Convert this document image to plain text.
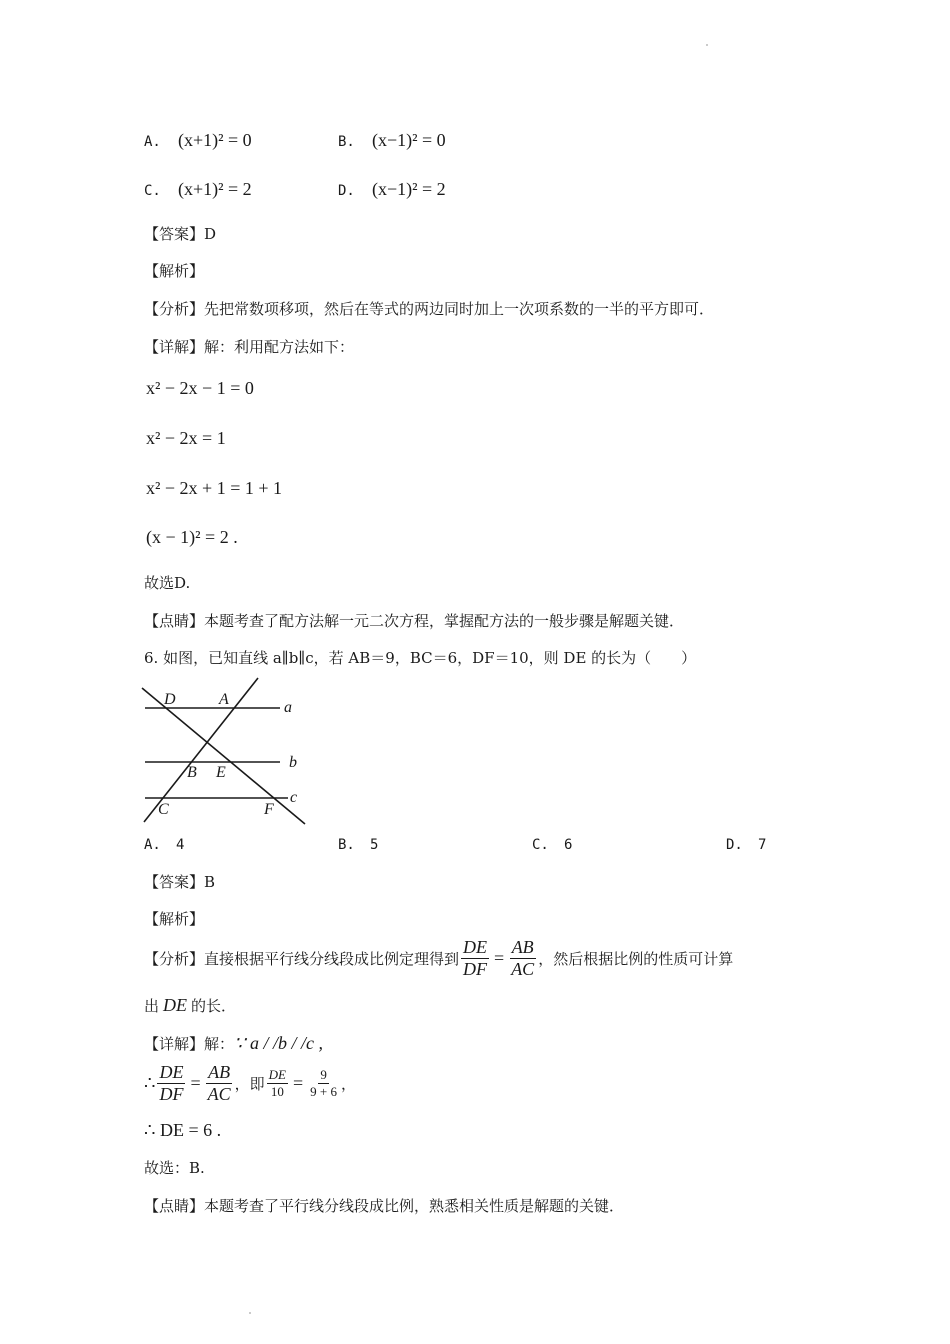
A. (x+1)² = 0	B. (x−1)² = 0
C. (x+1)² = 2	D. (x−1)² = 2
【答案】D
【解析】
【分析】先把常数项移项，然后在等式的两边同时加上一次项系数的一半的平方即可．
【详解】解：利用配方法如下：
x² − 2x − 1 = 0
x² − 2x = 1
x² − 2x + 1 = 1 + 1
(x − 1)² = 2 .
故选D.
【点睛】本题考查了配方法解一元二次方程，掌握配方法的一般步骤是解题关键．
6. 如图，已知直线 a∥b∥c，若 AB＝9，BC＝6，DF＝10，则 DE 的长为（　　）
D	A	a
B E
b
C	F
c
A. 4	B. 5	C. 6	D. 7
【答案】B
【解析】
【分析】 直接根据平行线分线段成比例定理得到 $\frac{DE}{DF} = \frac{AB}{AC}$ ，然后根据比例的性质可计算
出 DE 的长．
【详解】解：∵ a / /b / /c ,
∴ $\frac{DE}{DF} = \frac{AB}{AC}$ ，即 $\frac{DE}{10} = \frac{9}{9 + 6}$ ，
∴ DE = 6 .
故选：B.
【点睛】本题考查了平行线分线段成比例，熟悉相关性质是解题的关键．
